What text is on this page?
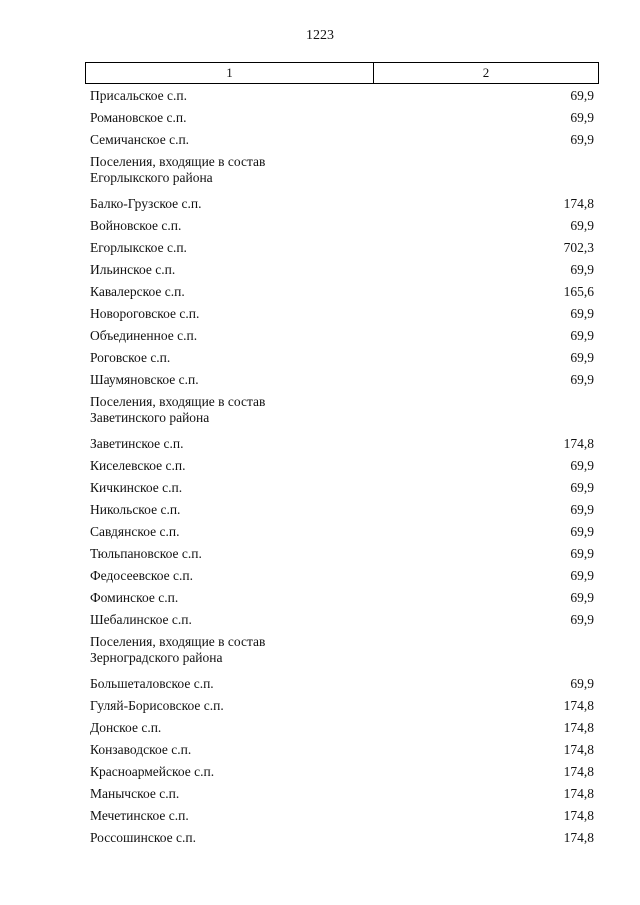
1223
1	2
Присальское с.п.	69,9
Романовское с.п.	69,9
Семичанское с.п.	69,9
Поселения, входящие в состав
Егорлыкского района
Балко-Грузское с.п.	174,8
Войновское с.п.	69,9
Егорлыкское с.п.	702,3
Ильинское с.п.	69,9
Кавалерское с.п.	165,6
Новороговское с.п.	69,9
Объединенное с.п.	69,9
Роговское с.п.	69,9
Шаумяновское с.п.	69,9
Поселения, входящие в состав
Заветинского района
Заветинское с.п.	174,8
Киселевское с.п.	69,9
Кичкинское с.п.	69,9
Никольское с.п.	69,9
Савдянское с.п.	69,9
Тюльпановское с.п.	69,9
Федосеевское с.п.	69,9
Фоминское с.п.	69,9
Шебалинское с.п.	69,9
Поселения, входящие в состав
Зерноградского района
Большеталовское с.п.	69,9
Гуляй-Борисовское с.п.	174,8
Донское с.п.	174,8
Конзаводское с.п.	174,8
Красноармейское с.п.	174,8
Манычское с.п.	174,8
Мечетинское с.п.	174,8
Россошинское с.п.	174,8
